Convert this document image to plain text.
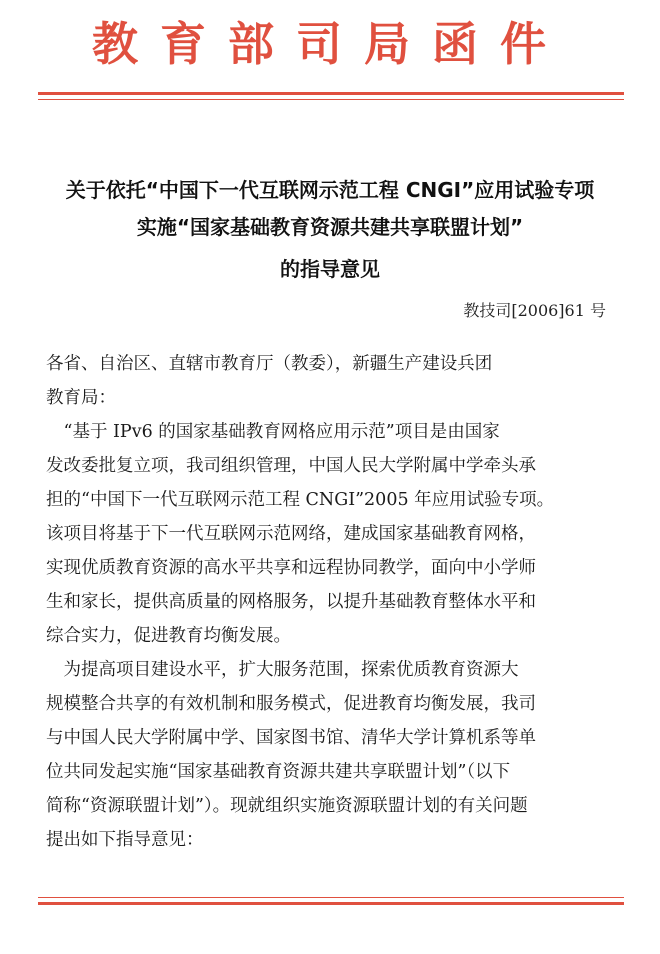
教育部司局函件
关于依托“中国下一代互联网示范工程 CNGI”应用试验专项
实施“国家基础教育资源共建共享联盟计划”
的指导意见
教技司[2006]61 号
各省、自治区、直辖市教育厅（教委），新疆生产建设兵团
教育局：
　“基于 IPv6 的国家基础教育网格应用示范”项目是由国家
发改委批复立项，我司组织管理，中国人民大学附属中学牵头承
担的“中国下一代互联网示范工程 CNGI”2005 年应用试验专项。
该项目将基于下一代互联网示范网络，建成国家基础教育网格，
实现优质教育资源的高水平共享和远程协同教学，面向中小学师
生和家长，提供高质量的网格服务，以提升基础教育整体水平和
综合实力，促进教育均衡发展。
　为提高项目建设水平，扩大服务范围，探索优质教育资源大
规模整合共享的有效机制和服务模式，促进教育均衡发展，我司
与中国人民大学附属中学、国家图书馆、清华大学计算机系等单
位共同发起实施“国家基础教育资源共建共享联盟计划”（以下
简称“资源联盟计划”）。现就组织实施资源联盟计划的有关问题
提出如下指导意见：
